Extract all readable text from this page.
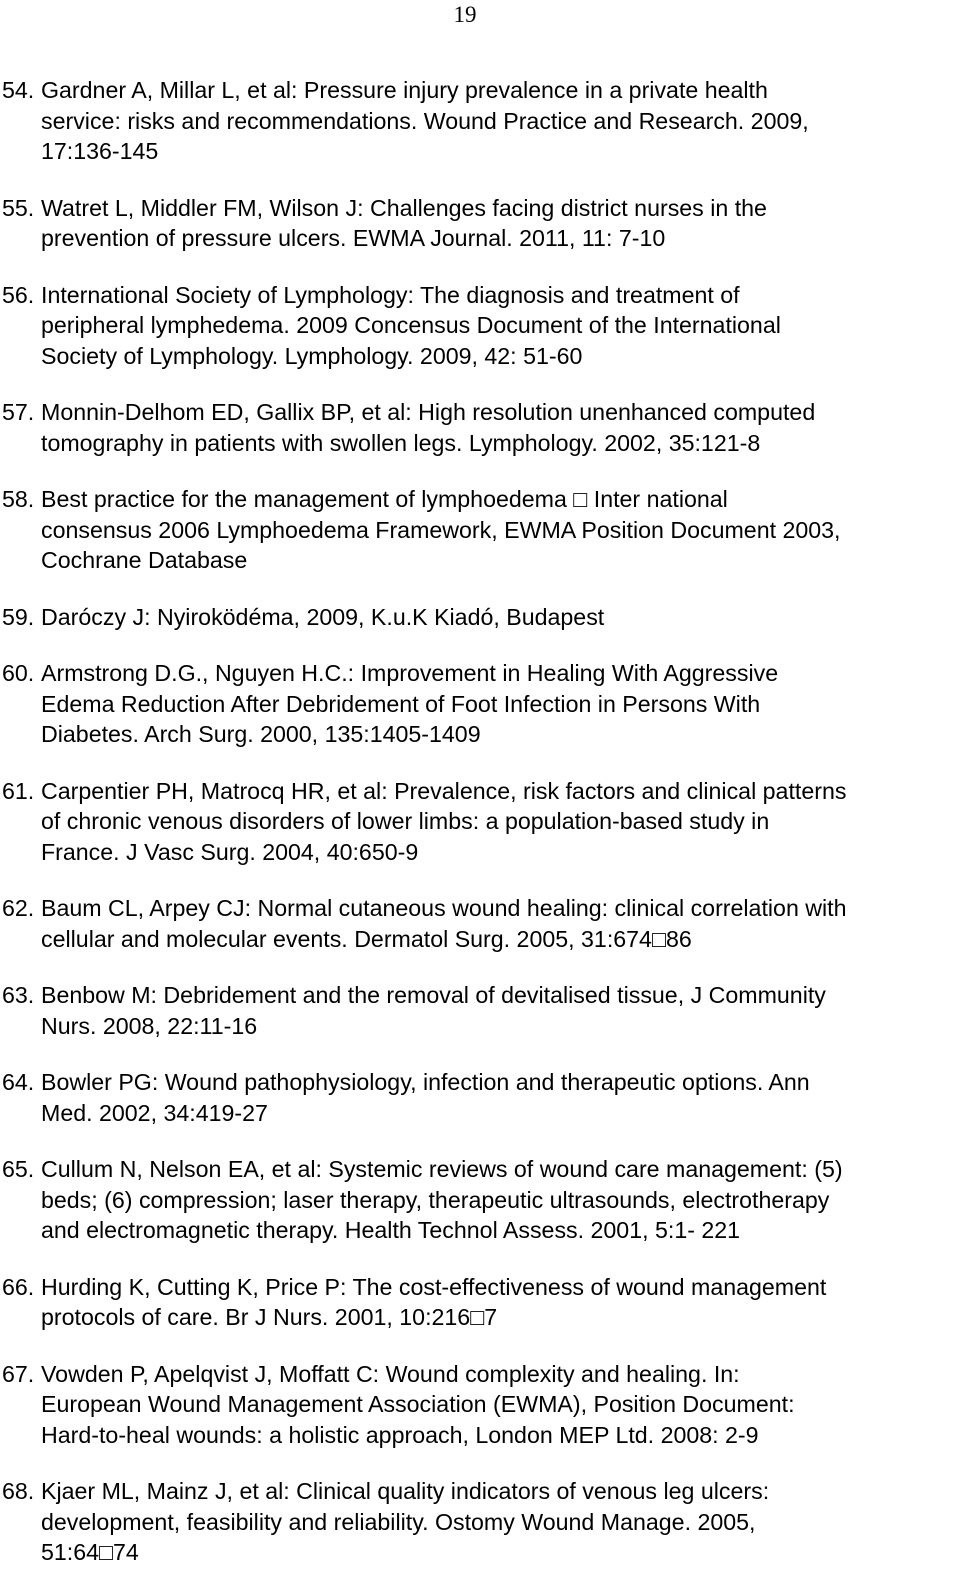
19
54. Gardner A, Millar L, et al: Pressure injury prevalence in a private health
service: risks and recommendations. Wound Practice and Research. 2009,
17:136-145
55. Watret L, Middler FM, Wilson J: Challenges facing district nurses in the
prevention of pressure ulcers. EWMA Journal. 2011, 11: 7-10
56. International Society of Lymphology: The diagnosis and treatment of
peripheral lymphedema. 2009 Concensus Document of the International
Society of Lymphology. Lymphology. 2009, 42: 51-60
57. Monnin-Delhom ED, Gallix BP, et al: High resolution unenhanced computed
tomography in patients with swollen legs. Lymphology. 2002, 35:121-8
58. Best practice for the management of lymphoedema □ Inter national
consensus 2006 Lymphoedema Framework, EWMA Position Document 2003,
Cochrane Database
59. Daróczy J: Nyiroködéma, 2009, K.u.K Kiadó, Budapest
60. Armstrong D.G., Nguyen H.C.: Improvement in Healing With Aggressive
Edema Reduction After Debridement of Foot Infection in Persons With
Diabetes. Arch Surg. 2000, 135:1405-1409
61. Carpentier PH, Matrocq HR, et al: Prevalence, risk factors and clinical patterns
of chronic venous disorders of lower limbs: a population-based study in
France. J Vasc Surg. 2004, 40:650-9
62. Baum CL, Arpey CJ: Normal cutaneous wound healing: clinical correlation with
cellular and molecular events. Dermatol Surg. 2005, 31:674□86
63. Benbow M: Debridement and the removal of devitalised tissue, J Community
Nurs. 2008, 22:11-16
64. Bowler PG: Wound pathophysiology, infection and therapeutic options. Ann
Med. 2002, 34:419-27
65. Cullum N, Nelson EA, et al: Systemic reviews of wound care management: (5)
beds; (6) compression; laser therapy, therapeutic ultrasounds, electrotherapy
and electromagnetic therapy. Health Technol Assess. 2001, 5:1- 221
66. Hurding K, Cutting K, Price P: The cost-effectiveness of wound management
protocols of care. Br J Nurs. 2001, 10:216□7
67. Vowden P, Apelqvist J, Moffatt C: Wound complexity and healing. In:
European Wound Management Association (EWMA), Position Document:
Hard-to-heal wounds: a holistic approach, London MEP Ltd. 2008: 2-9
68. Kjaer ML, Mainz J, et al: Clinical quality indicators of venous leg ulcers:
development, feasibility and reliability. Ostomy Wound Manage. 2005,
51:64□74
